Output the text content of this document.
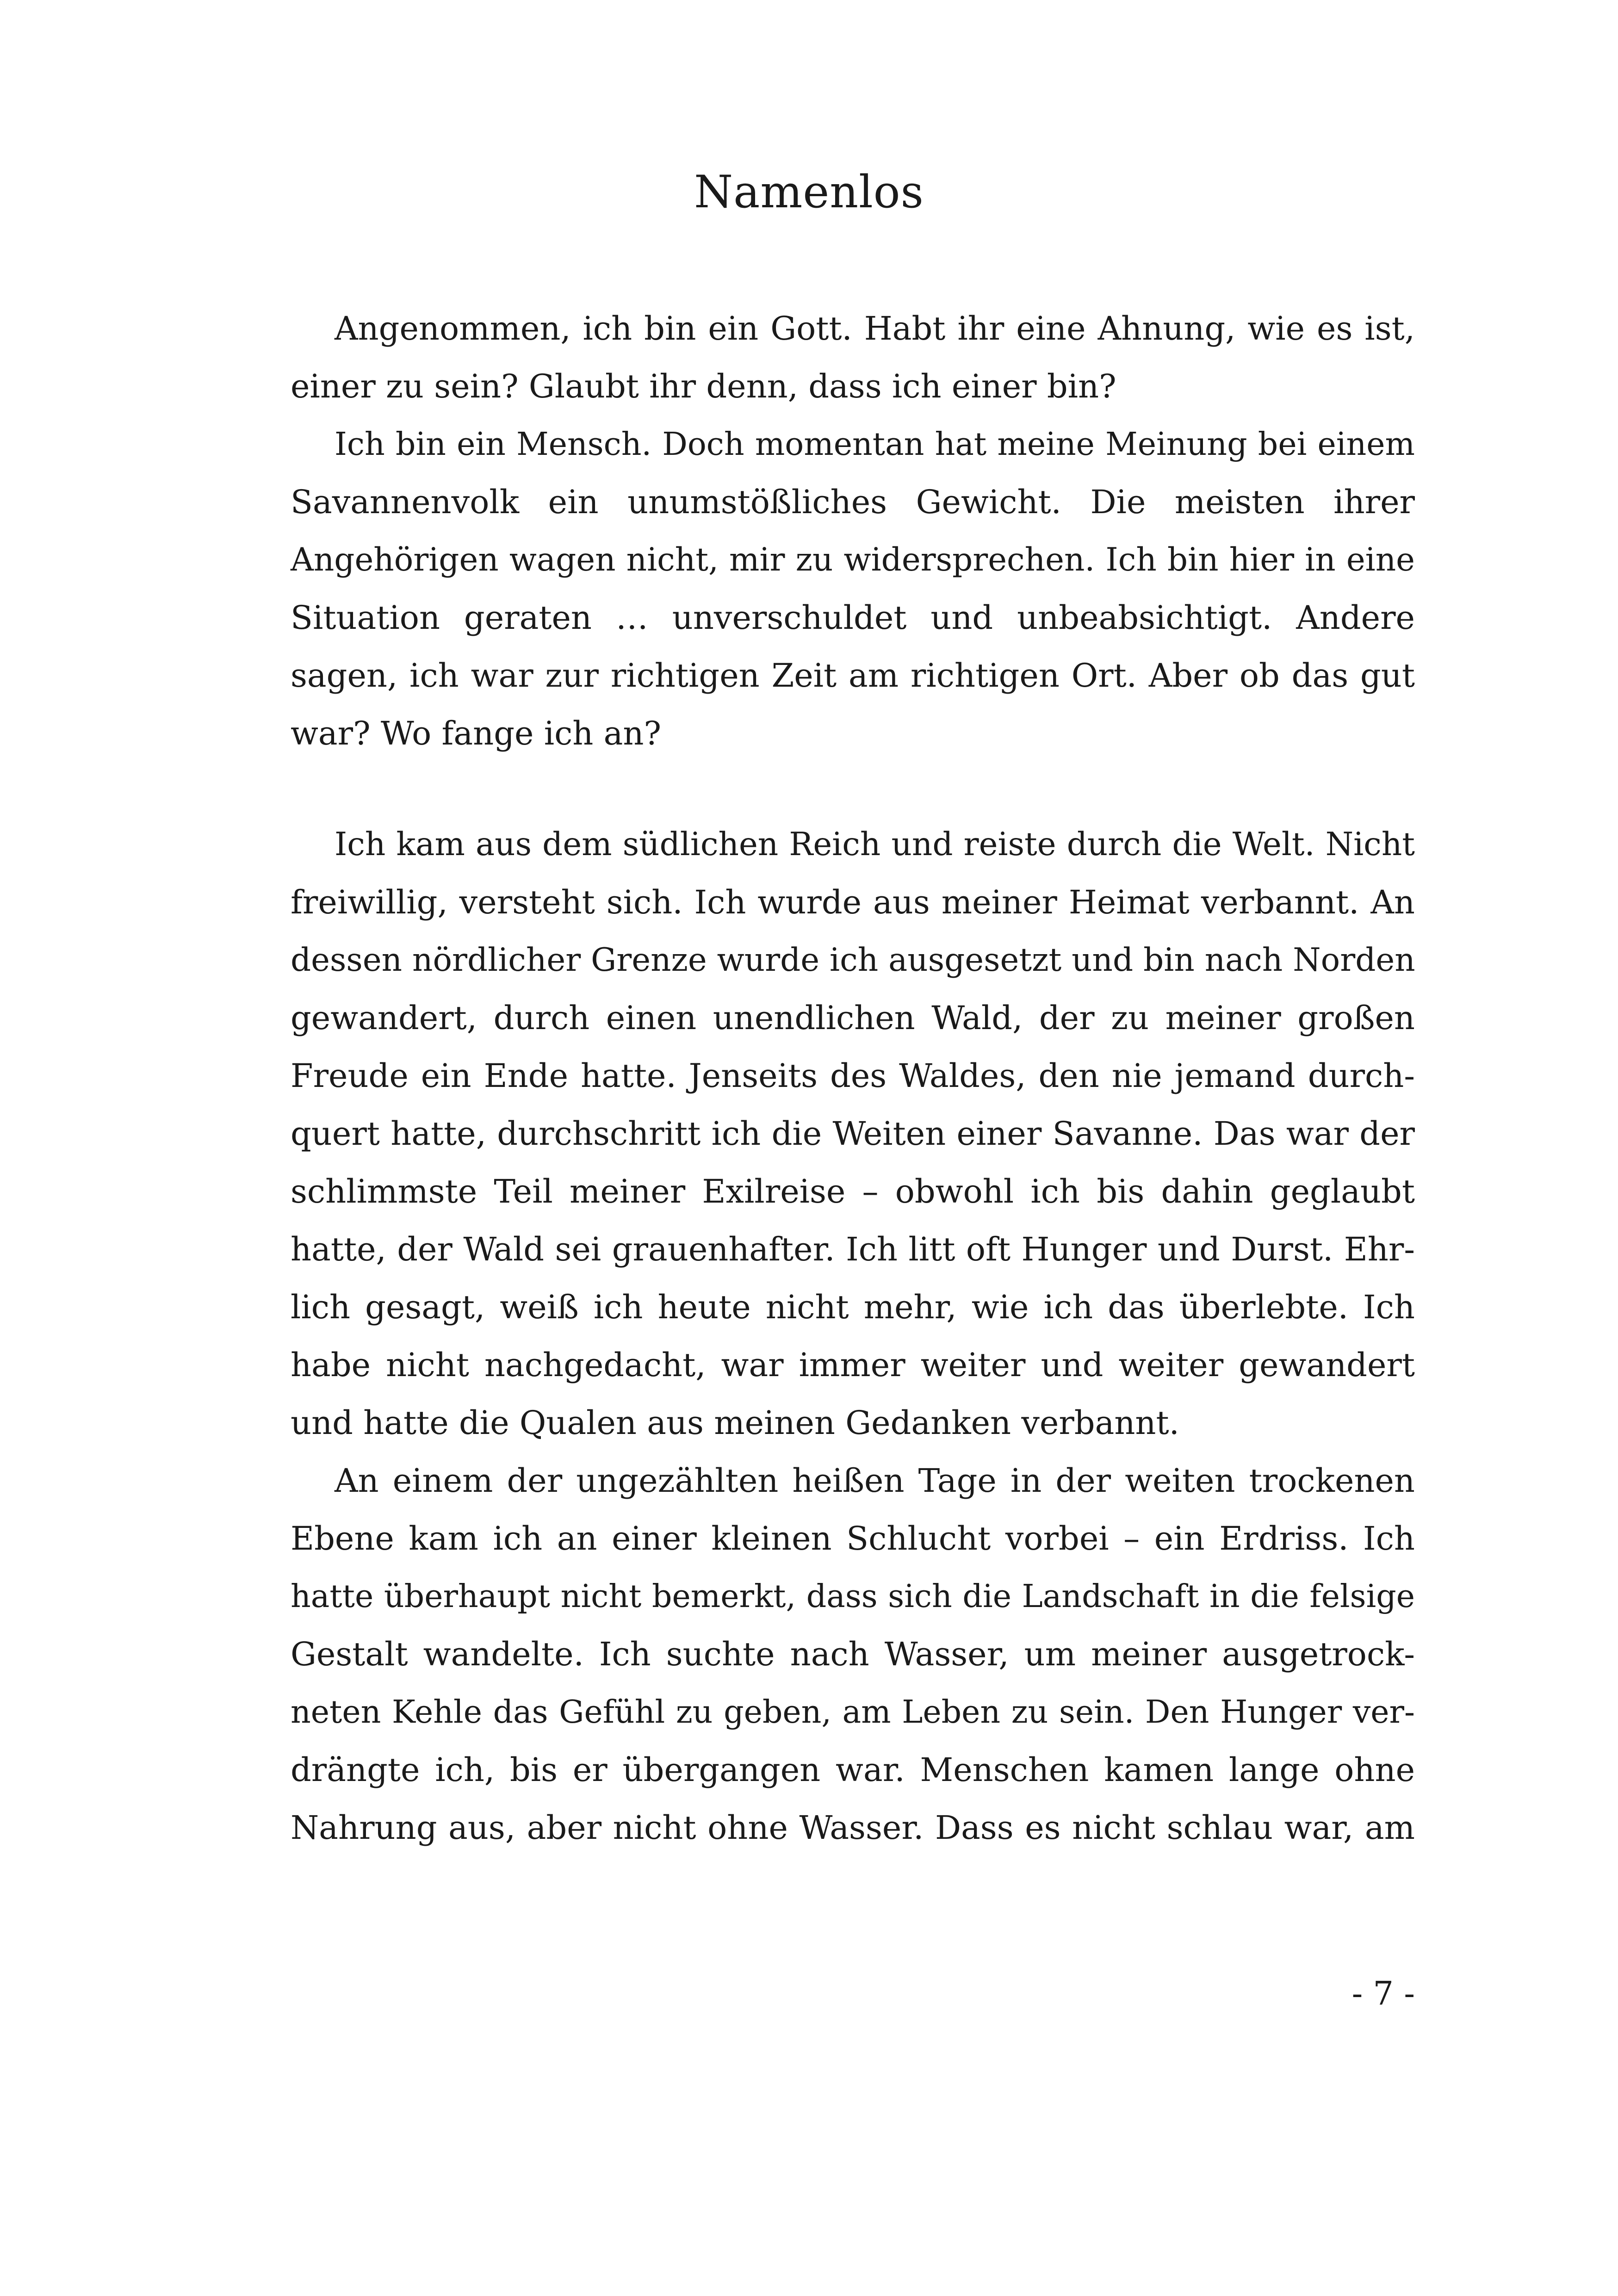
Namenlos
Angenommen, ich bin ein Gott. Habt ihr eine Ahnung, wie es ist,
einer zu sein? Glaubt ihr denn, dass ich einer bin?
Ich bin ein Mensch. Doch momentan hat meine Meinung bei einem
Savannenvolk ein unumstößliches Gewicht. Die meisten ihrer
Angehörigen wagen nicht, mir zu widersprechen. Ich bin hier in eine
Situation geraten … unverschuldet und unbeabsichtigt. Andere
sagen, ich war zur richtigen Zeit am richtigen Ort. Aber ob das gut
war? Wo fange ich an?
Ich kam aus dem südlichen Reich und reiste durch die Welt. Nicht
freiwillig, versteht sich. Ich wurde aus meiner Heimat verbannt. An
dessen nördlicher Grenze wurde ich ausgesetzt und bin nach Norden
gewandert, durch einen unendlichen Wald, der zu meiner großen
Freude ein Ende hatte. Jenseits des Waldes, den nie jemand durch-
quert hatte, durchschritt ich die Weiten einer Savanne. Das war der
schlimmste Teil meiner Exilreise – obwohl ich bis dahin geglaubt
hatte, der Wald sei grauenhafter. Ich litt oft Hunger und Durst. Ehr-
lich gesagt, weiß ich heute nicht mehr, wie ich das überlebte. Ich
habe nicht nachgedacht, war immer weiter und weiter gewandert
und hatte die Qualen aus meinen Gedanken verbannt.
An einem der ungezählten heißen Tage in der weiten trockenen
Ebene kam ich an einer kleinen Schlucht vorbei – ein Erdriss. Ich
hatte überhaupt nicht bemerkt, dass sich die Landschaft in die felsige
Gestalt wandelte. Ich suchte nach Wasser, um meiner ausgetrock-
neten Kehle das Gefühl zu geben, am Leben zu sein. Den Hunger ver-
drängte ich, bis er übergangen war. Menschen kamen lange ohne
Nahrung aus, aber nicht ohne Wasser. Dass es nicht schlau war, am
- 7 -
